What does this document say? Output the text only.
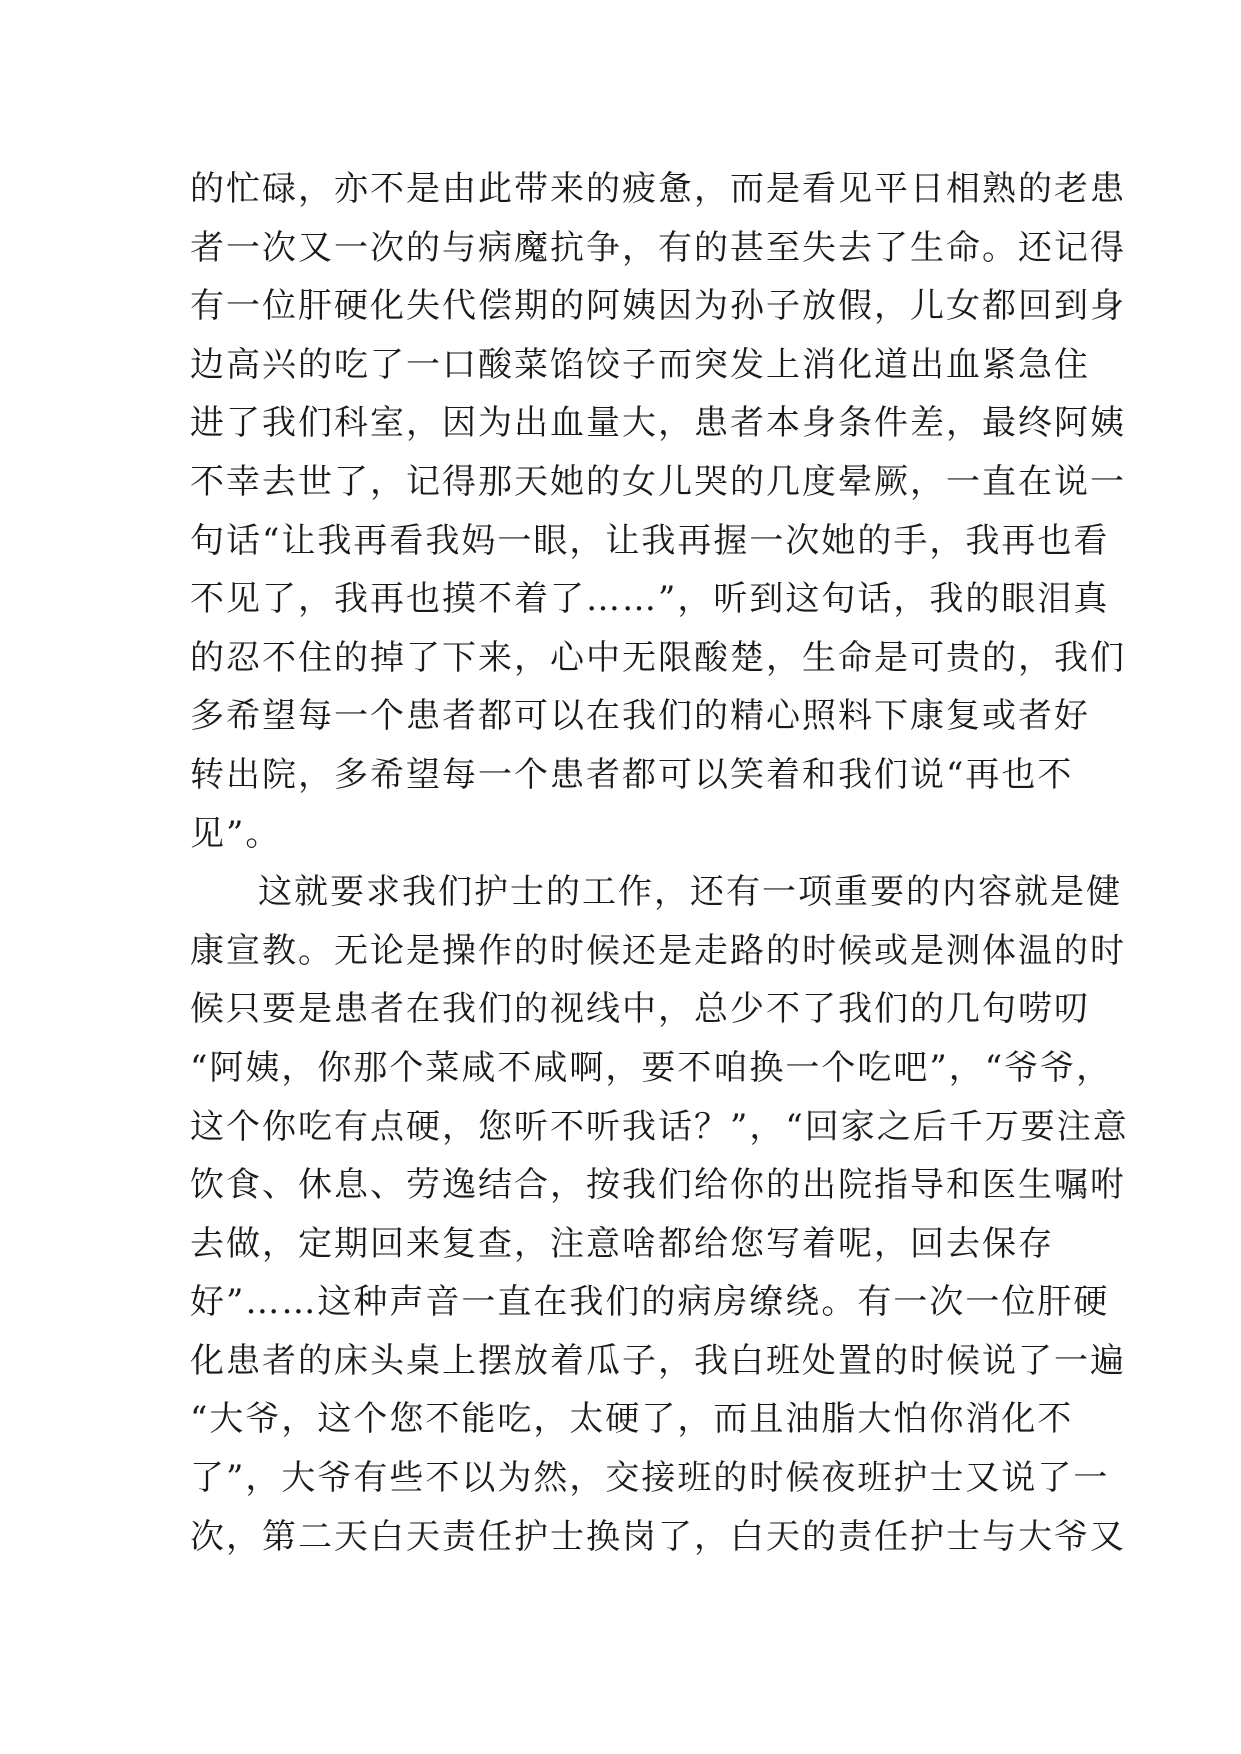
的忙碌，亦不是由此带来的疲惫，而是看见平日相熟的老患
者一次又一次的与病魔抗争，有的甚至失去了生命。还记得
有一位肝硬化失代偿期的阿姨因为孙子放假，儿女都回到身
边高兴的吃了一口酸菜馅饺子而突发上消化道出血紧急住
进了我们科室，因为出血量大，患者本身条件差，最终阿姨
不幸去世了，记得那天她的女儿哭的几度晕厥，一直在说一
句话“让我再看我妈一眼，让我再握一次她的手，我再也看
不见了，我再也摸不着了……”，听到这句话，我的眼泪真
的忍不住的掉了下来，心中无限酸楚，生命是可贵的，我们
多希望每一个患者都可以在我们的精心照料下康复或者好
转出院，多希望每一个患者都可以笑着和我们说“再也不
见”。
这就要求我们护士的工作，还有一项重要的内容就是健
康宣教。无论是操作的时候还是走路的时候或是测体温的时
候只要是患者在我们的视线中，总少不了我们的几句唠叨
“阿姨，你那个菜咸不咸啊，要不咱换一个吃吧”，“爷爷，
这个你吃有点硬，您听不听我话？”，“回家之后千万要注意
饮食、休息、劳逸结合，按我们给你的出院指导和医生嘱咐
去做，定期回来复查，注意啥都给您写着呢，回去保存
好”……这种声音一直在我们的病房缭绕。有一次一位肝硬
化患者的床头桌上摆放着瓜子，我白班处置的时候说了一遍
“大爷，这个您不能吃，太硬了，而且油脂大怕你消化不
了”，大爷有些不以为然，交接班的时候夜班护士又说了一
次，第二天白天责任护士换岗了，白天的责任护士与大爷又
